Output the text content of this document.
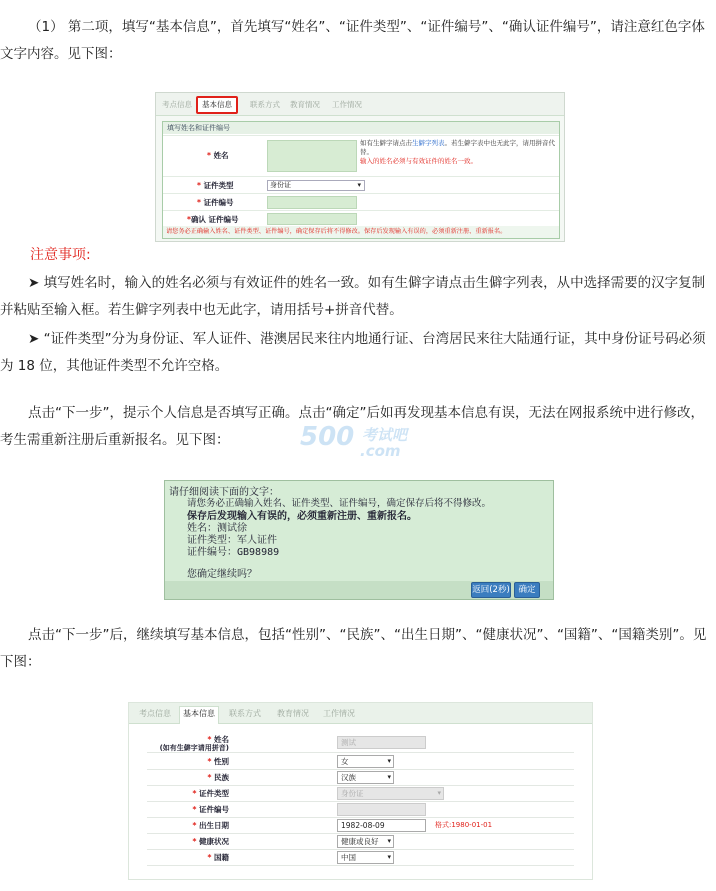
（1） 第二项，填写“基本信息”，首先填写“姓名”、“证件类型”、“证件编号”、“确认证件编号”，请注意红色字体文字内容。见下图：
考点信息	基本信息	联系方式	教育情况	工作情况
填写姓名和证件编号
* 姓名
如有生僻字请点击生僻字列表。若生僻字表中也无此字，请用拼音代替。
输入的姓名必须与有效证件的姓名一致。
* 证件类型	身份证	▾
* 证件编号
*确认 证件编号
请您务必正确输入姓名、证件类型、证件编号，确定保存后将不得修改。保存后发现输入有误的，必须重新注册、重新报名。
注意事项:
➤ 填写姓名时，输入的姓名必须与有效证件的姓名一致。如有生僻字请点击生僻字列表，从中选择需要的汉字复制并粘贴至输入框。若生僻字列表中也无此字，请用括号+拼音代替。
➤ “证件类型”分为身份证、军人证件、港澳居民来往内地通行证、台湾居民来往大陆通行证，其中身份证号码必须为 18 位，其他证件类型不允许空格。
点击“下一步”，提示个人信息是否填写正确。点击“确定”后如再发现基本信息有误，无法在网报系统中进行修改，考生需重新注册后重新报名。见下图：	500 考试吧
.com
请仔细阅读下面的文字：
请您务必正确输入姓名、证件类型、证件编号，确定保存后将不得修改。
保存后发现输入有误的，必须重新注册、重新报名。
姓名：测试徐
证件类型：军人证件
证件编号：GB98989
您确定继续吗？
返回(2秒)	确定
点击“下一步”后，继续填写基本信息，包括“性别”、“民族”、“出生日期”、“健康状况”、“国籍”、“国籍类别”。见下图：
考点信息	基本信息	联系方式 教育情况 工作情况
* 姓名
(如有生僻字请用拼音)
测试
* 性别	女	▾
* 民族	汉族	▾
* 证件类型	身份证	▾
* 证件编号
* 出生日期	1982-08-09	格式:1980-01-01
* 健康状况	健康或良好 ▾
* 国籍	中国	▾
